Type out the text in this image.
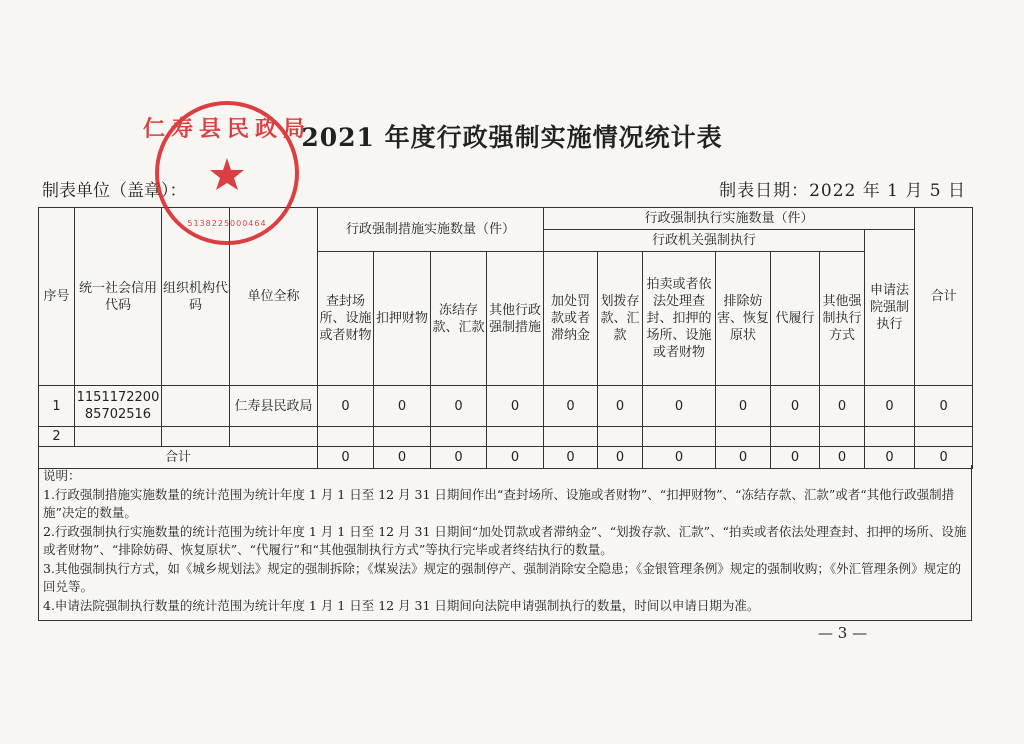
2021 年度行政强制实施情况统计表
制表单位（盖章）：	制表日期：2022 年 1 月 5 日
序号	统一社会信用代码	组织机构代码	单位全称	行政强制措施实施数量（件）				行政强制执行实施数量（件）							合计
								行政机关强制执行						申请法院强制执行	
				查封场所、设施或者财物	扣押财物	冻结存款、汇款	其他行政强制措施	加处罚款或者滞纳金	划拨存款、汇款	拍卖或者依法处理查封、扣押的场所、设施或者财物	排除妨害、恢复原状	代履行	其他强制执行方式		
1	115117220085702516		仁寿县民政局	0	0	0	0	0	0	0	0	0	0	0	0
2															
合计				0	0	0	0	0	0	0	0	0	0	0	0
说明：
1.行政强制措施实施数量的统计范围为统计年度 1 月 1 日至 12 月 31 日期间作出“查封场所、设施或者财物”、“扣押财物”、“冻结存款、汇款”或者“其他行政强制措施”决定的数量。
2.行政强制执行实施数量的统计范围为统计年度 1 月 1 日至 12 月 31 日期间“加处罚款或者滞纳金”、“划拨存款、汇款”、“拍卖或者依法处理查封、扣押的场所、设施或者财物”、“排除妨碍、恢复原状”、“代履行”和“其他强制执行方式”等执行完毕或者终结执行的数量。
3.其他强制执行方式，如《城乡规划法》规定的强制拆除；《煤炭法》规定的强制停产、强制消除安全隐患；《金银管理条例》规定的强制收购；《外汇管理条例》规定的回兑等。
4.申请法院强制执行数量的统计范围为统计年度 1 月 1 日至 12 月 31 日期间向法院申请强制执行的数量，时间以申请日期为准。
— 3 —
仁寿县民政局
5138225000464
